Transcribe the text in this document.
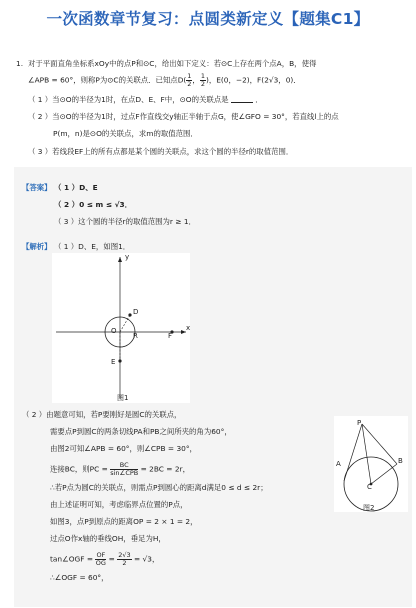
一次函数章节复习：点圆类新定义【题集C1】
1. 对于平面直角坐标系xOy中的点P和⊙C，给出如下定义：若⊙C上存在两个点A，B，使得
∠APB = 60°，则称P为⊙C的关联点．已知点$D( \frac{1}{2}$ ， $\frac{1}{2}$ )，E(0，−2)，F(2√3，0)．
（ 1 ）当⊙O的半径为1时，在点D、E、F中，⊙O的关联点是	．
（ 2 ）当⊙O的半径为1时，过点F作直线交y轴正半轴于点G，使∠GFO = 30°，若直线l上的点
P(m，n)是⊙O的关联点，求m的取值范围．
（ 3 ）若线段EF上的所有点都是某个圆的关联点，求这个圆的半径r的取值范围．
【答案】 （ 1 ）D、E
（ 2 ）0 ≤ m ≤ √3．
（ 3 ）这个圆的半径r的取值范围为r ≥ 1．
【解析】 （ 1 ）D、E，如图1．
y
x
D
O
R	F
E
图1
（ 2 ）由题意可知，若P要刚好是圆C的关联点，
需要点P到圆C的两条切线PA和PB之间所夹的角为60°，
由图2可知∠APB = 60°，则∠CPB = 30°，
连接BC，则PC = $\frac{BC}{\text{sin∠CPB}} = 2BC = 2r$，
∴若P点为圆C的关联点，则需点P到圆心的距离d满足0 ≤ d ≤ 2r；
由上述证明可知，考虑临界点位置的P点，
如图3，点P到原点的距离OP = 2 × 1 = 2，
过点O作x轴的垂线OH，垂足为H，
tan∠OGF = $\frac{OF}{OG} = \frac{2√3}{2} = √3$，
∴∠OGF = 60°，
P
A	B
C
图2
